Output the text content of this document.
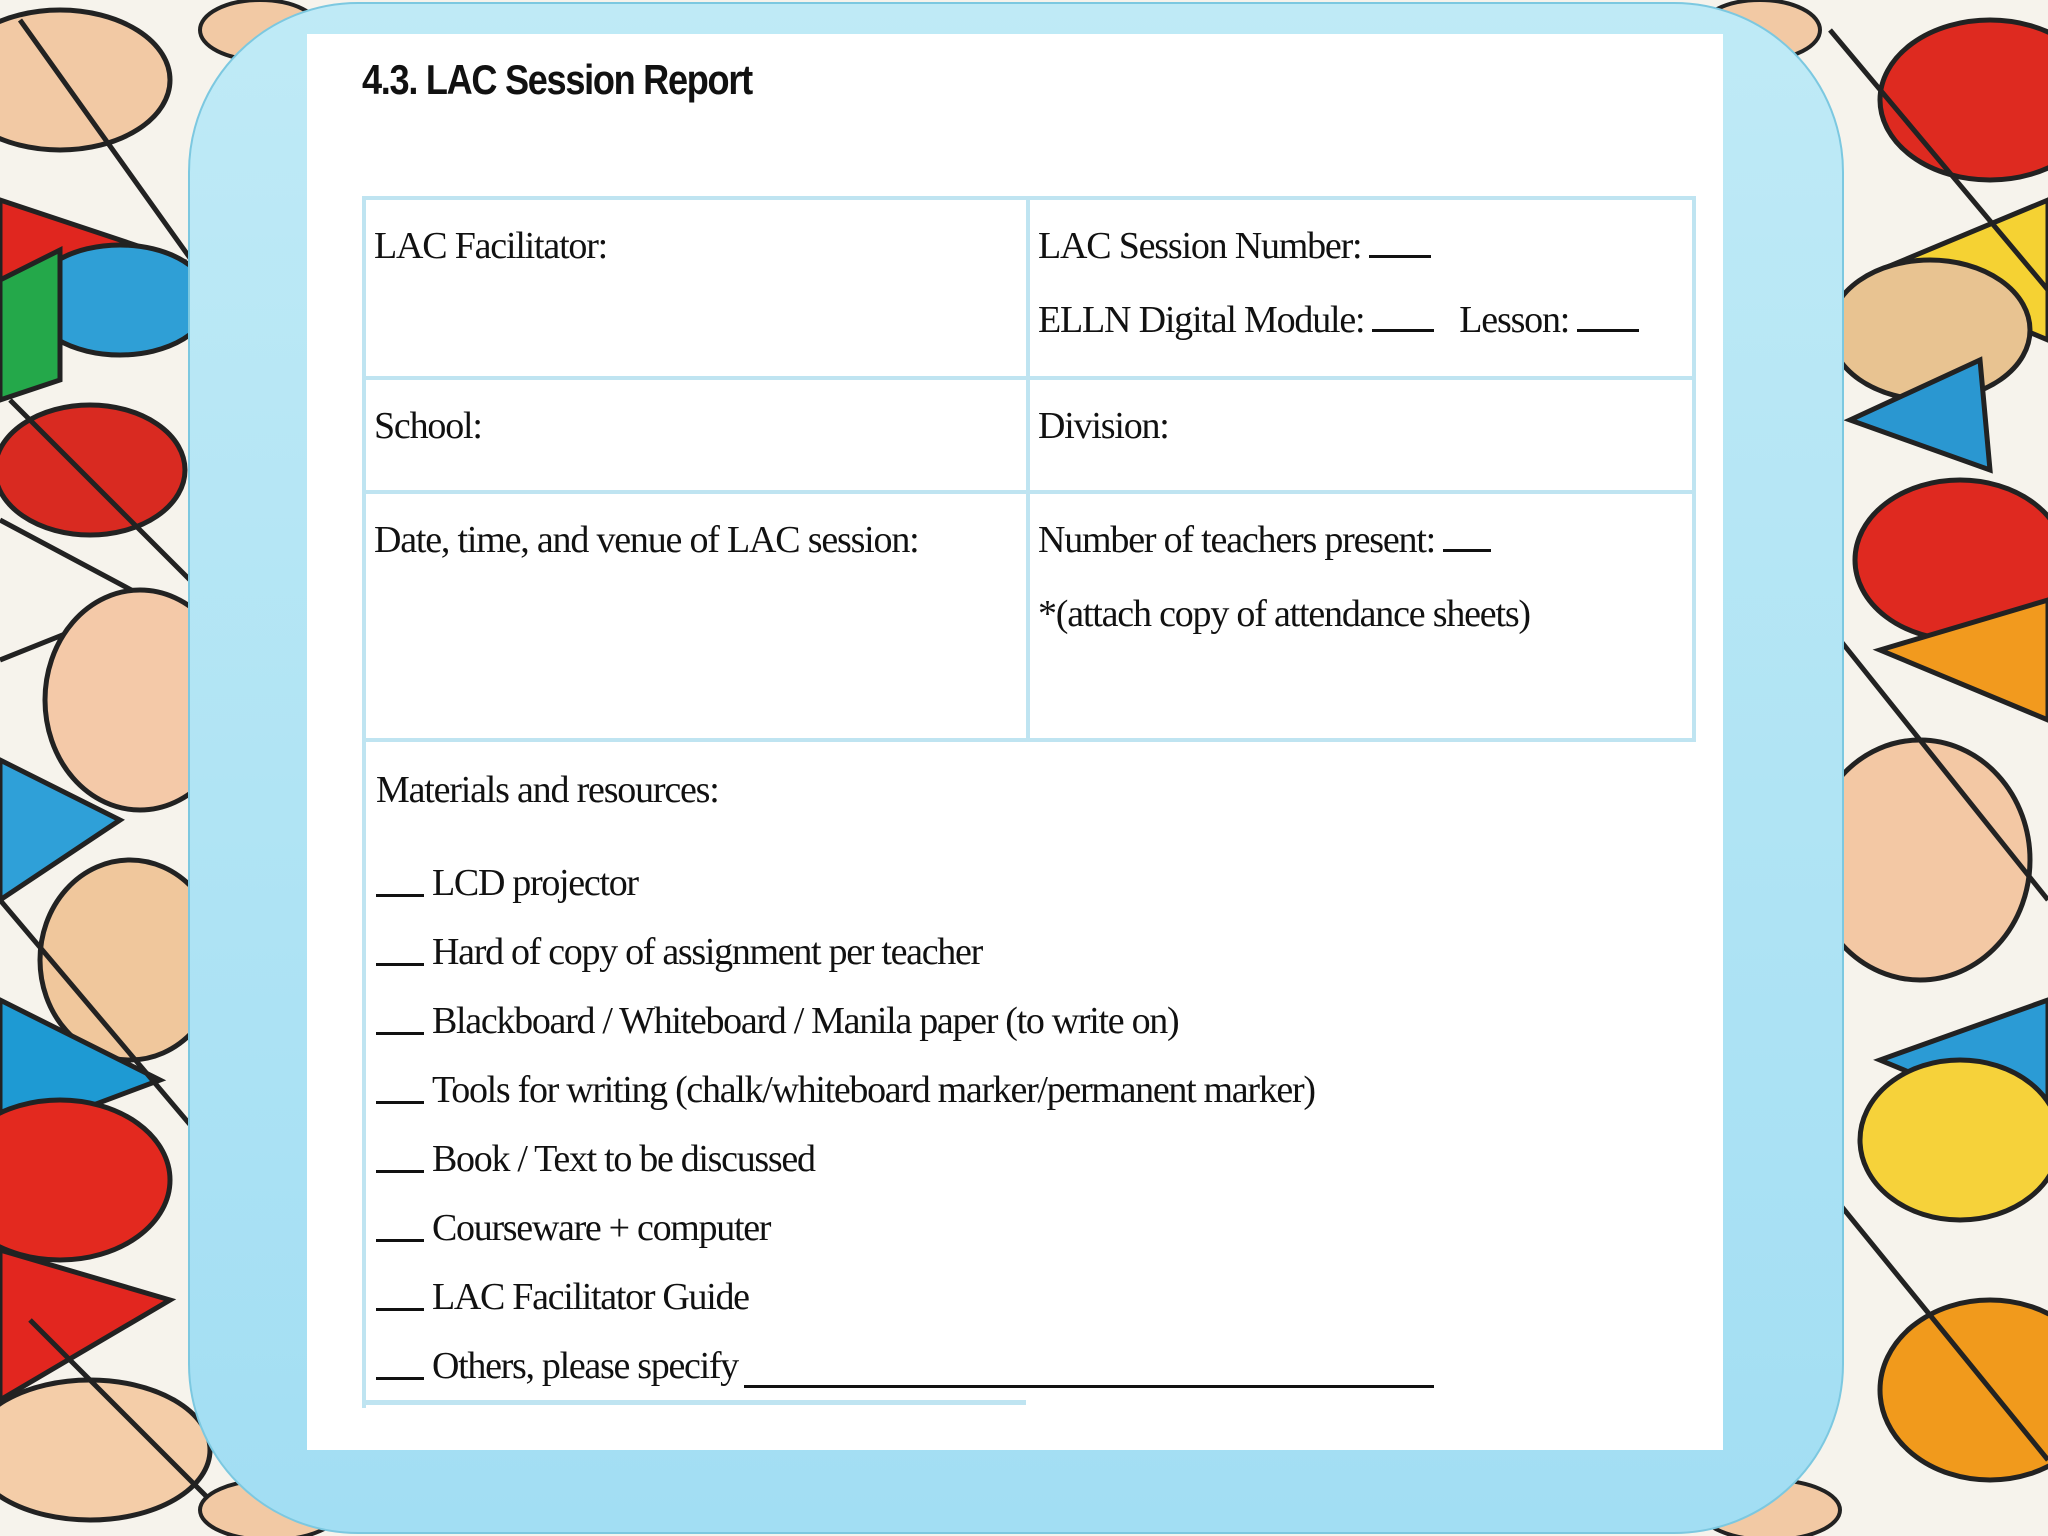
4.3. LAC Session Report
LAC Facilitator:	LAC Session Number:
ELLN Digital Module: Lesson:

School:	Division:

Date, time, and venue of LAC session:	Number of teachers present:
*(attach copy of attendance sheets)
Materials and resources:
LCD projector
Hard of copy of assignment per teacher
Blackboard / Whiteboard / Manila paper (to write on)
Tools for writing (chalk/whiteboard marker/permanent marker)
Book / Text to be discussed
Courseware + computer
LAC Facilitator Guide
Others, please specify
